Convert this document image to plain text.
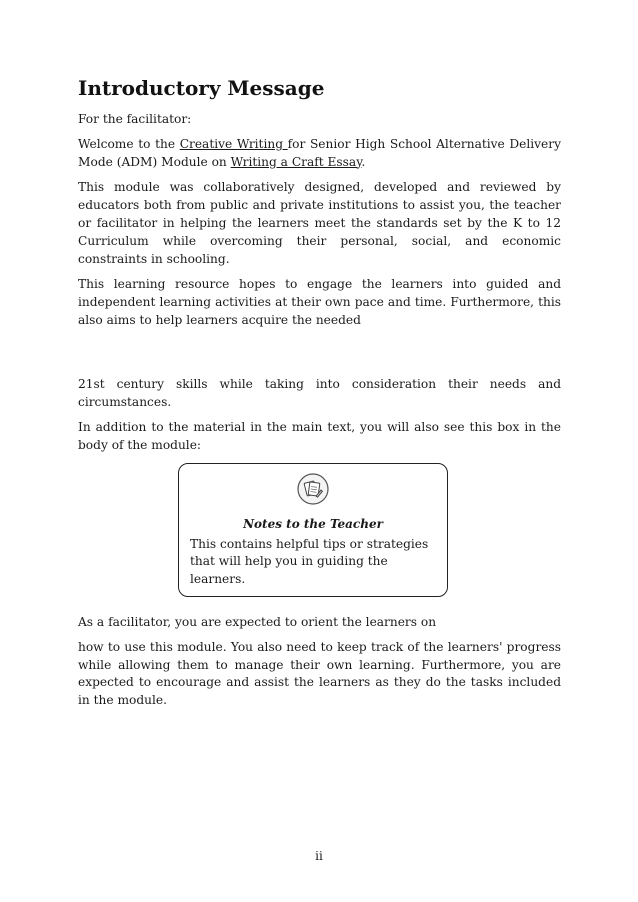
Introductory Message

For the facilitator:

Welcome to the Creative Writing for Senior High School Alternative Delivery Mode (ADM) Module on Writing a Craft Essay.

This module was collaboratively designed, developed and reviewed by educators both from public and private institutions to assist you, the teacher or facilitator in helping the learners meet the standards set by the K to 12 Curriculum while overcoming their personal, social, and economic constraints in schooling.

This learning resource hopes to engage the learners into guided and independent learning activities at their own pace and time. Furthermore, this also aims to help learners acquire the needed

21st century skills while taking into consideration their needs and circumstances.

In addition to the material in the main text, you will also see this box in the body of the module:

Notes to the Teacher
This contains helpful tips or strategies that will help you in guiding the learners.

As a facilitator, you are expected to orient the learners on

how to use this module. You also need to keep track of the learners' progress while allowing them to manage their own learning. Furthermore, you are expected to encourage and assist the learners as they do the tasks included in the module.

ii
